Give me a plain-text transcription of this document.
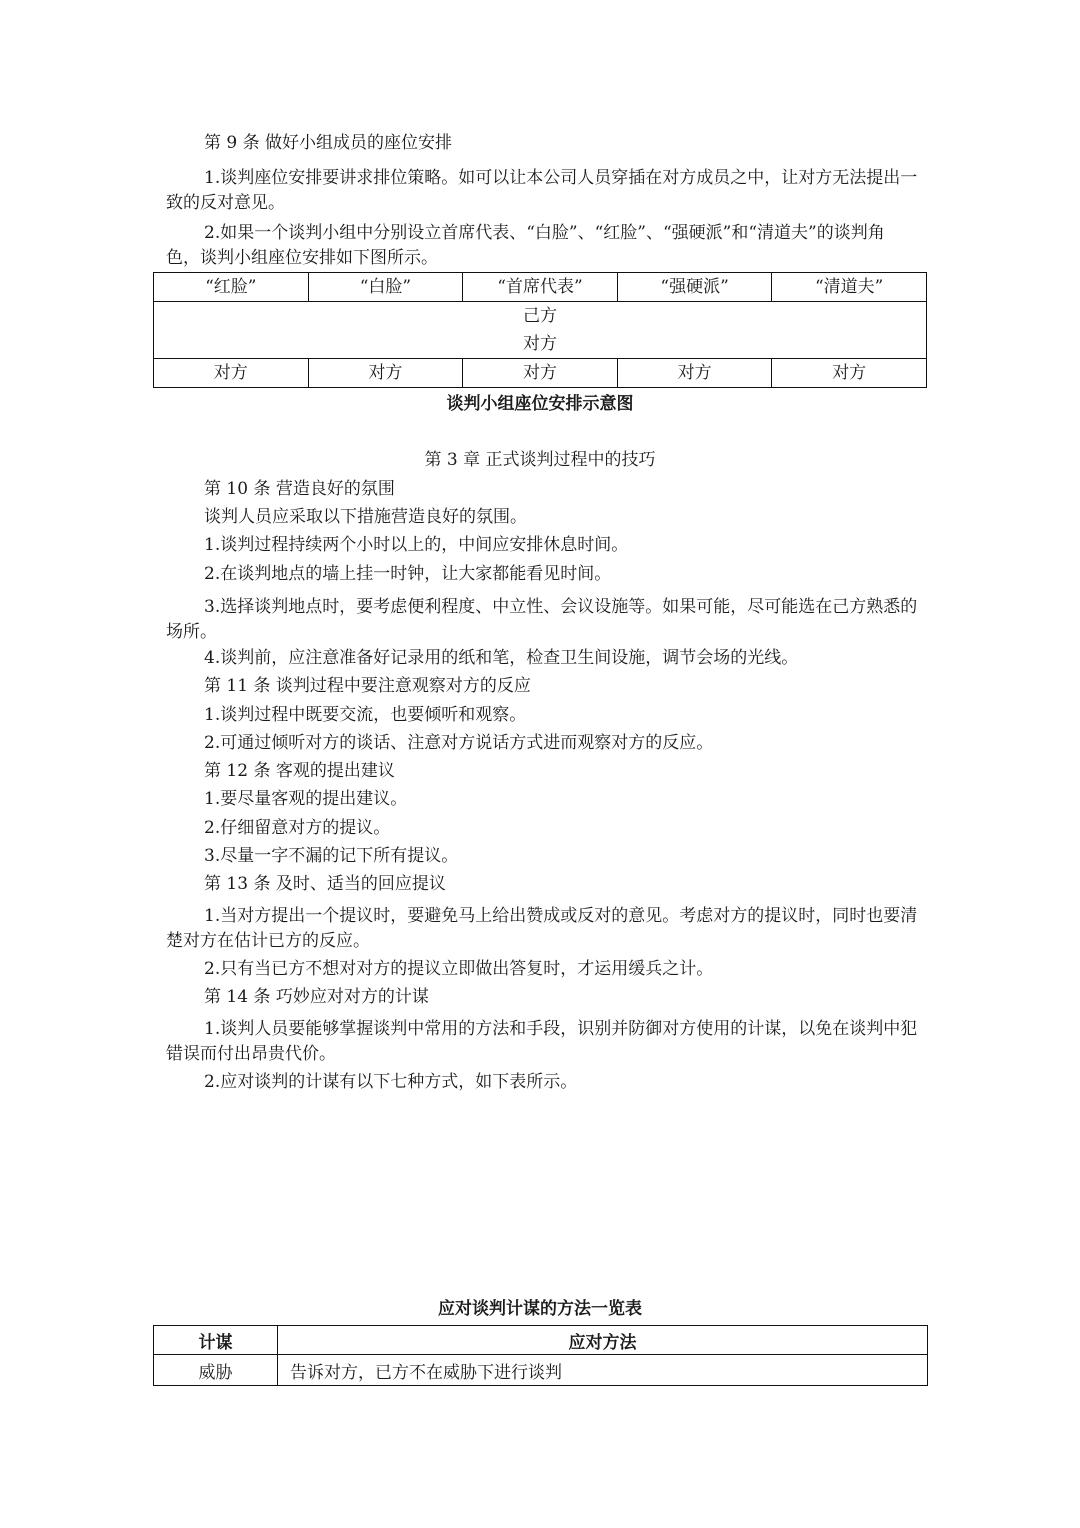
第 9 条 做好小组成员的座位安排

1.谈判座位安排要讲求排位策略。如可以让本公司人员穿插在对方成员之中，让对方无法提出一致的反对意见。

2.如果一个谈判小组中分别设立首席代表、“白脸”、“红脸”、“强硬派”和“清道夫”的谈判角色，谈判小组座位安排如下图所示。

“红脸”	“白脸”	“首席代表”	“强硬派”	“清道夫”

己方
对方				

对方	对方	对方	对方	对方
谈判小组座位安排示意图
第 3 章 正式谈判过程中的技巧
第 10 条 营造良好的氛围
谈判人员应采取以下措施营造良好的氛围。
1.谈判过程持续两个小时以上的，中间应安排休息时间。
2.在谈判地点的墙上挂一时钟，让大家都能看见时间。

3.选择谈判地点时，要考虑便利程度、中立性、会议设施等。如果可能，尽可能选在己方熟悉的场所。

4.谈判前，应注意准备好记录用的纸和笔，检查卫生间设施，调节会场的光线。
第 11 条 谈判过程中要注意观察对方的反应
1.谈判过程中既要交流，也要倾听和观察。
2.可通过倾听对方的谈话、注意对方说话方式进而观察对方的反应。
第 12 条 客观的提出建议
1.要尽量客观的提出建议。
2.仔细留意对方的提议。
3.尽量一字不漏的记下所有提议。
第 13 条 及时、适当的回应提议

1.当对方提出一个提议时，要避免马上给出赞成或反对的意见。考虑对方的提议时，同时也要清楚对方在估计已方的反应。

2.只有当已方不想对对方的提议立即做出答复时，才运用缓兵之计。
第 14 条 巧妙应对对方的计谋

1.谈判人员要能够掌握谈判中常用的方法和手段，识别并防御对方使用的计谋，以免在谈判中犯错误而付出昂贵代价。

2.应对谈判的计谋有以下七种方式，如下表所示。
应对谈判计谋的方法一览表
计谋	应对方法
威胁	告诉对方，已方不在威胁下进行谈判
